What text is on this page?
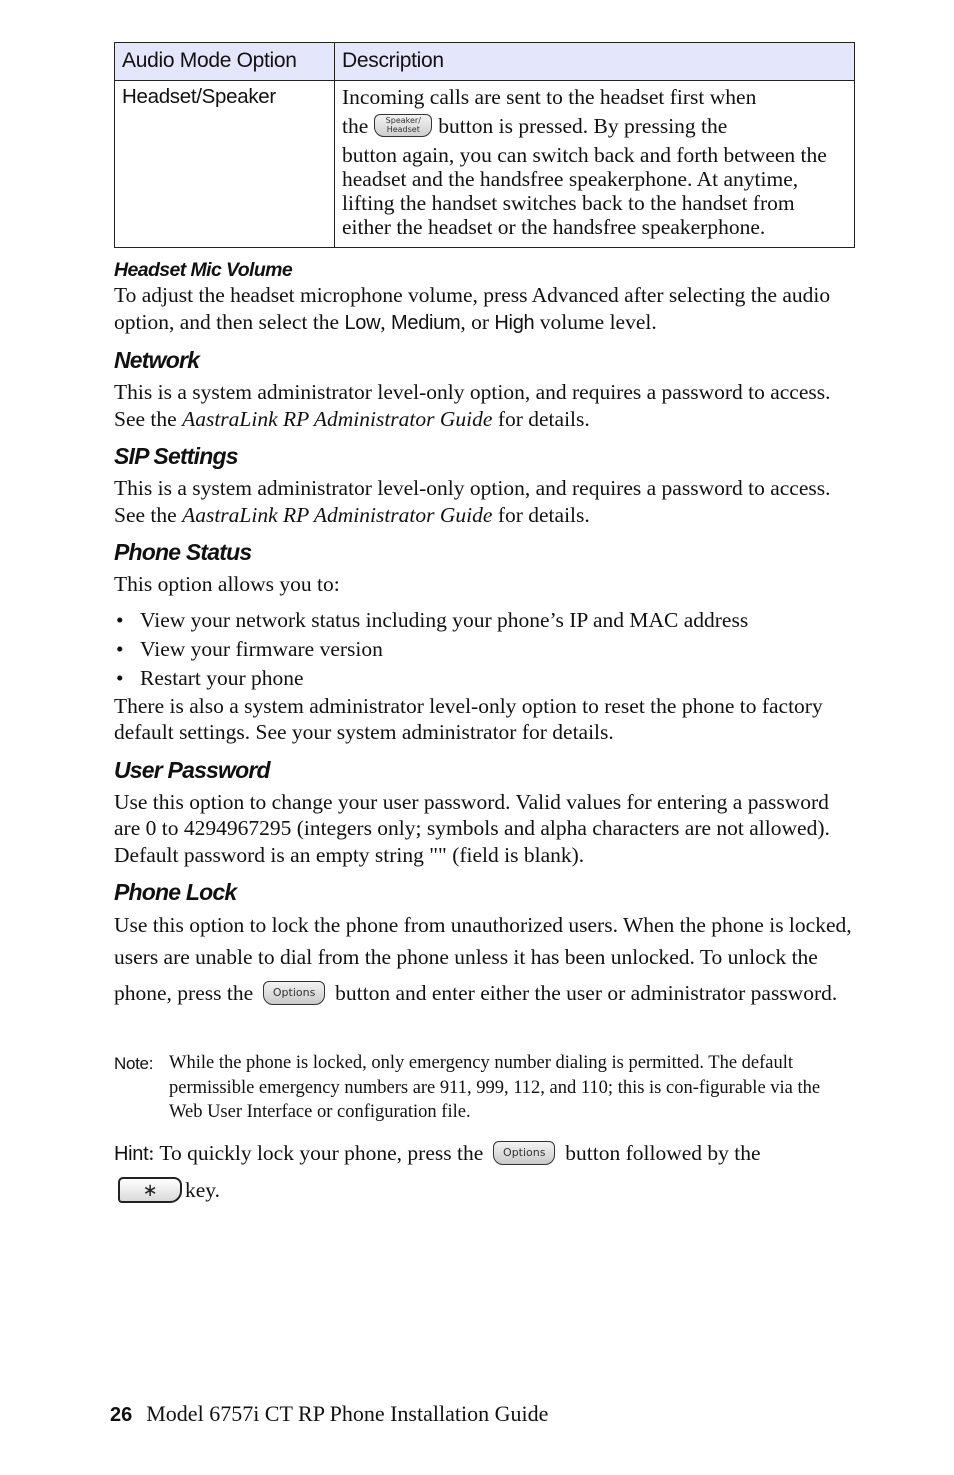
Audio Mode Option	Description
Headset/Speaker	Incoming calls are sent to the headset first when
the Speaker/
Headset button is pressed. By pressing the
button again, you can switch back and forth between the headset and the handsfree speakerphone. At anytime, lifting the handset switches back to the handset from either the headset or the handsfree speakerphone.
Headset Mic Volume

To adjust the headset microphone volume, press Advanced after selecting the audio option, and then select the Low, Medium, or High volume level.

Network

This is a system administrator level-only option, and requires a password to access. See the AastraLink RP Administrator Guide for details.

SIP Settings

This is a system administrator level-only option, and requires a password to access. See the AastraLink RP Administrator Guide for details.

Phone Status

This option allows you to:

• View your network status including your phone’s IP and MAC address
• View your firmware version
• Restart your phone

There is also a system administrator level-only option to reset the phone to factory default settings. See your system administrator for details.

User Password

Use this option to change your user password. Valid values for entering a password are 0 to 4294967295 (integers only; symbols and alpha characters are not allowed). Default password is an empty string "" (field is blank).

Phone Lock

Use this option to lock the phone from unauthorized users. When the phone is locked, users are unable to dial from the phone unless it has been unlocked. To unlock the phone, press the Options button and enter either the user or administrator password.

Note: While the phone is locked, only emergency number dialing is permitted. The default permissible emergency numbers are 911, 999, 112, and 110; this is con-figurable via the Web User Interface or configuration file.

Hint: To quickly lock your phone, press the Options button followed by the
∗ key.

26 Model 6757i CT RP Phone Installation Guide
